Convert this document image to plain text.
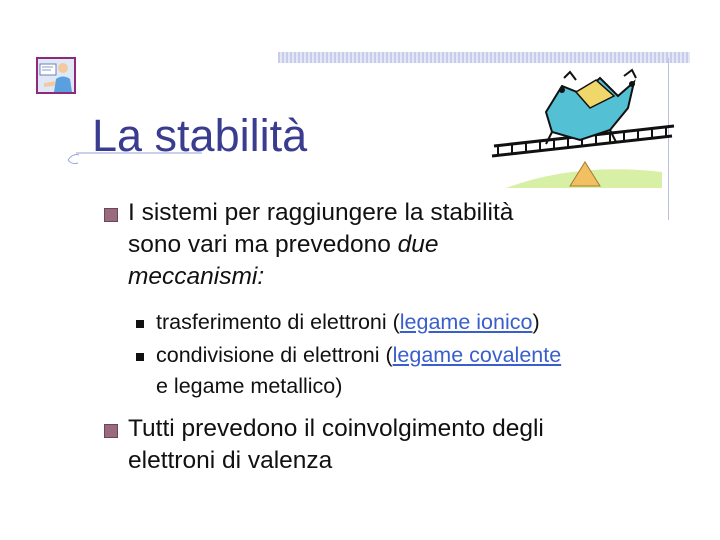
La stabilità
I sistemi per raggiungere la stabilità
sono vari ma prevedono due
meccanismi:
trasferimento di elettroni (legame ionico)
condivisione di elettroni (legame covalente
e legame metallico)
Tutti prevedono il coinvolgimento degli
elettroni di valenza
